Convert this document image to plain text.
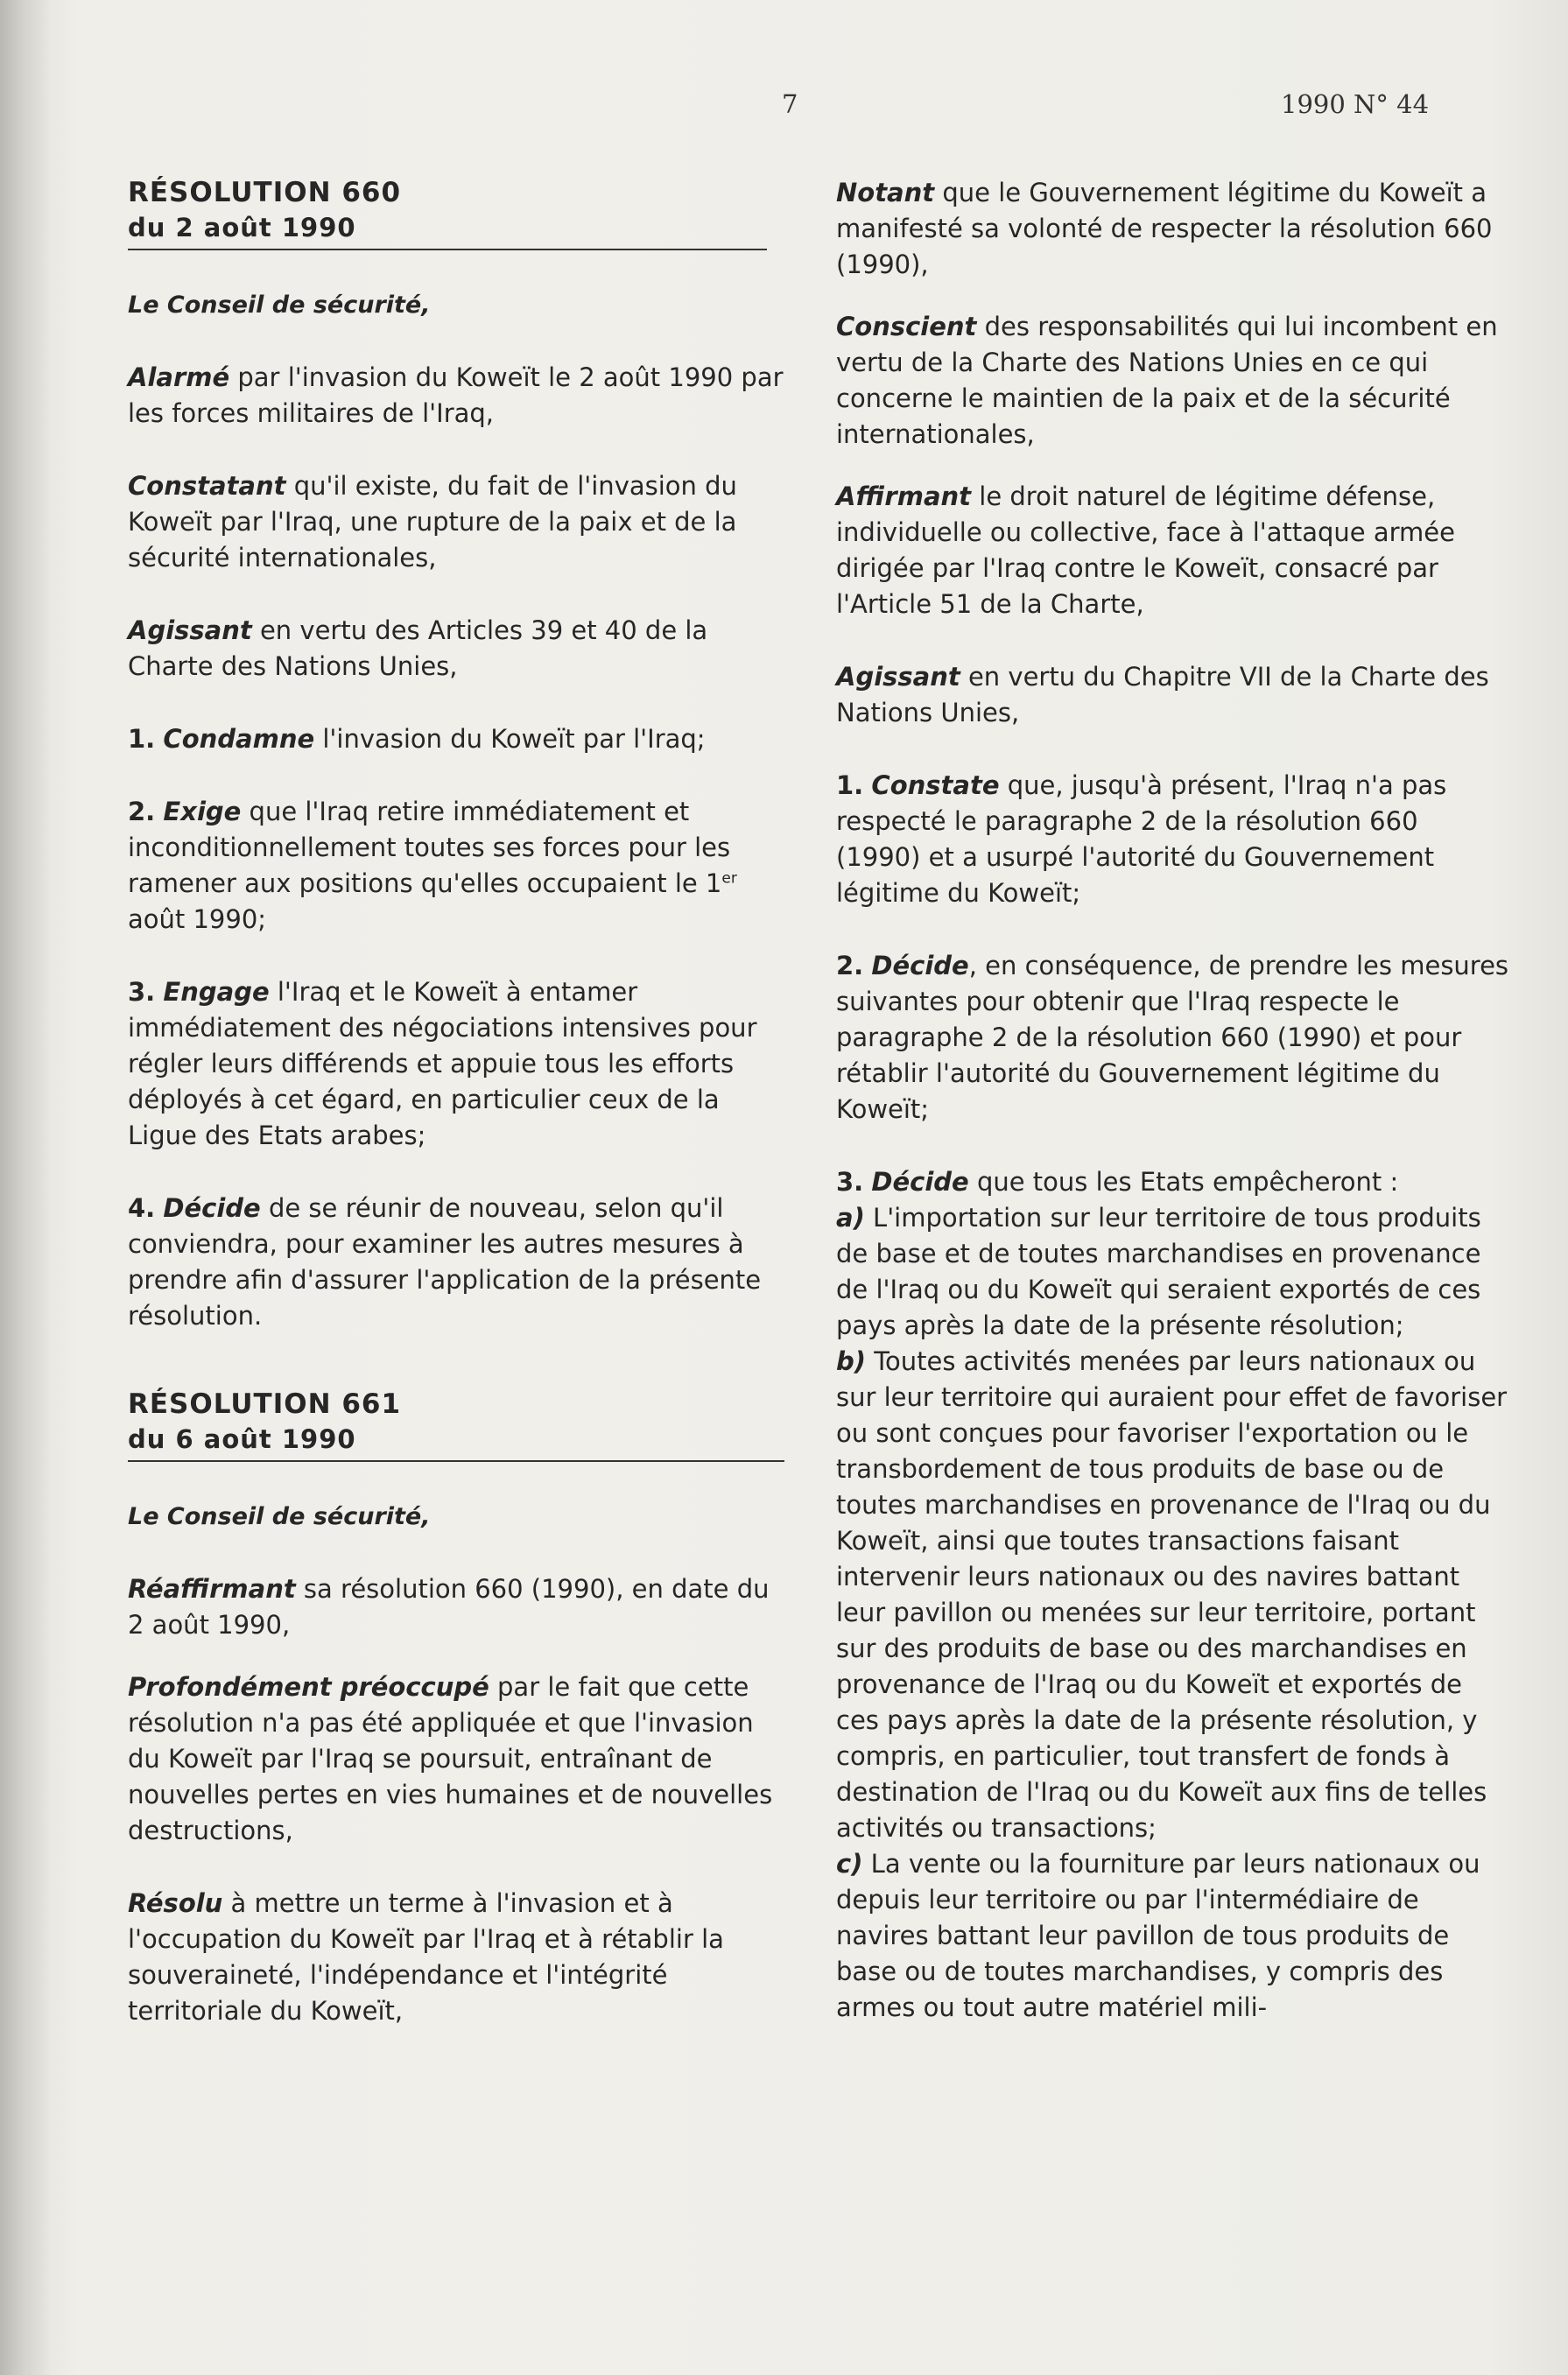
7	1990 N° 44
RÉSOLUTION 660
du 2 août 1990

Le Conseil de sécurité,

Alarmé par l'invasion du Koweït le 2 août 1990 par les forces militaires de l'Iraq,

Constatant qu'il existe, du fait de l'invasion du Koweït par l'Iraq, une rupture de la paix et de la sécurité internationales,

Agissant en vertu des Articles 39 et 40 de la Charte des Nations Unies,

1. Condamne l'invasion du Koweït par l'Iraq;

2. Exige que l'Iraq retire immédiatement et inconditionnellement toutes ses forces pour les ramener aux positions qu'elles occupaient le 1er août 1990;

3. Engage l'Iraq et le Koweït à entamer immédiatement des négociations intensives pour régler leurs différends et appuie tous les efforts déployés à cet égard, en particulier ceux de la Ligue des Etats arabes;

4. Décide de se réunir de nouveau, selon qu'il conviendra, pour examiner les autres mesures à prendre afin d'assurer l'application de la présente résolution.

RÉSOLUTION 661
du 6 août 1990

Le Conseil de sécurité,

Réaffirmant sa résolution 660 (1990), en date du 2 août 1990,

Profondément préoccupé par le fait que cette résolution n'a pas été appliquée et que l'invasion du Koweït par l'Iraq se poursuit, entraînant de nouvelles pertes en vies humaines et de nouvelles destructions,

Résolu à mettre un terme à l'invasion et à l'occupation du Koweït par l'Iraq et à rétablir la souveraineté, l'indépendance et l'intégrité territoriale du Koweït,

Notant que le Gouvernement légitime du Koweït a manifesté sa volonté de respecter la résolution 660 (1990),

Conscient des responsabilités qui lui incombent en vertu de la Charte des Nations Unies en ce qui concerne le maintien de la paix et de la sécurité internationales,

Affirmant le droit naturel de légitime défense, individuelle ou collective, face à l'attaque armée dirigée par l'Iraq contre le Koweït, consacré par l'Article 51 de la Charte,

Agissant en vertu du Chapitre VII de la Charte des Nations Unies,

1. Constate que, jusqu'à présent, l'Iraq n'a pas respecté le paragraphe 2 de la résolution 660 (1990) et a usurpé l'autorité du Gouvernement légitime du Koweït;

2. Décide, en conséquence, de prendre les mesures suivantes pour obtenir que l'Iraq respecte le paragraphe 2 de la résolution 660 (1990) et pour rétablir l'autorité du Gouvernement légitime du Koweït;

3. Décide que tous les Etats empêcheront :

a) L'importation sur leur territoire de tous produits de base et de toutes marchandises en provenance de l'Iraq ou du Koweït qui seraient exportés de ces pays après la date de la présente résolution;

b) Toutes activités menées par leurs nationaux ou sur leur territoire qui auraient pour effet de favoriser ou sont conçues pour favoriser l'exportation ou le transbordement de tous produits de base ou de toutes marchandises en provenance de l'Iraq ou du Koweït, ainsi que toutes transactions faisant intervenir leurs nationaux ou des navires battant leur pavillon ou menées sur leur territoire, portant sur des produits de base ou des marchandises en provenance de l'Iraq ou du Koweït et exportés de ces pays après la date de la présente résolution, y compris, en particulier, tout transfert de fonds à destination de l'Iraq ou du Koweït aux fins de telles activités ou transactions;

c) La vente ou la fourniture par leurs nationaux ou depuis leur territoire ou par l'intermédiaire de navires battant leur pavillon de tous produits de base ou de toutes marchandises, y compris des armes ou tout autre matériel mili-
